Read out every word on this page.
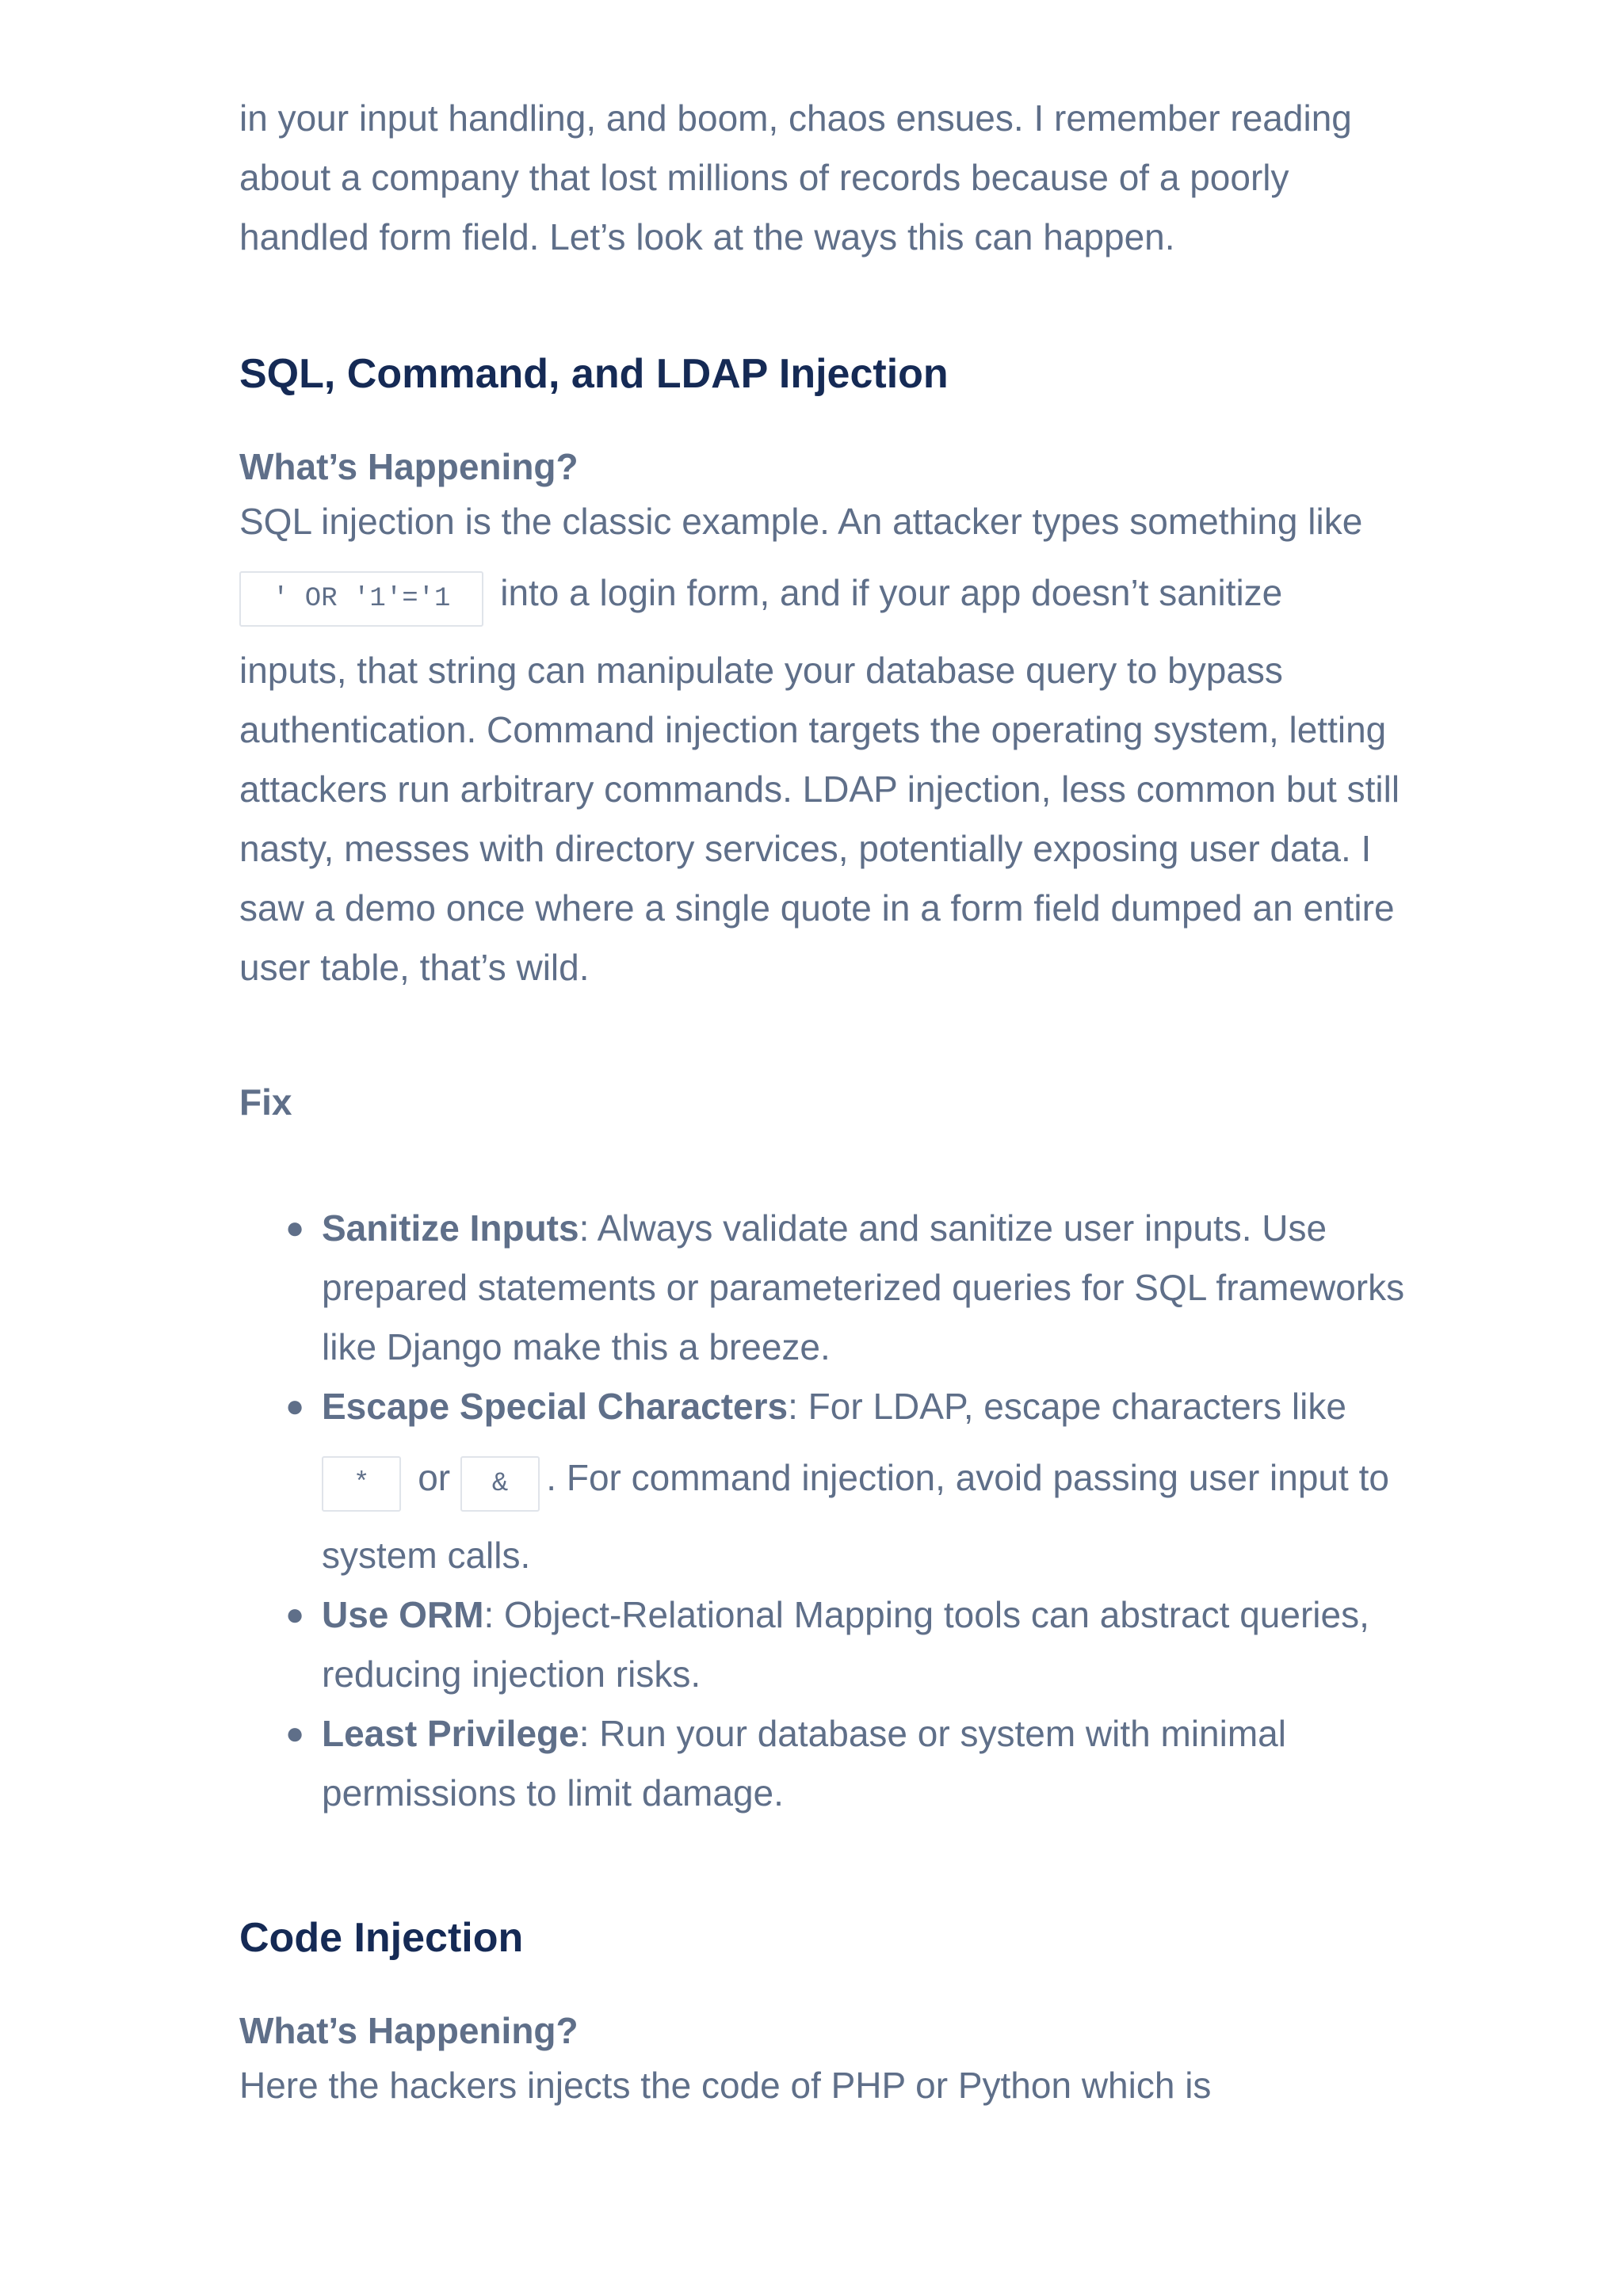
in your input handling, and boom, chaos ensues. I remember reading about a company that lost millions of records because of a poorly handled form field. Let’s look at the ways this can happen.

SQL, Command, and LDAP Injection
What’s Happening?

SQL injection is the classic example. An attacker types something like
' OR '1'='1 into a login form, and if your app doesn’t sanitize
inputs, that string can manipulate your database query to bypass authentication. Command injection targets the operating system, letting attackers run arbitrary commands. LDAP injection, less common but still nasty, messes with directory services, potentially exposing user data. I saw a demo once where a single quote in a form field dumped an entire user table, that’s wild.

Fix
● Sanitize Inputs: Always validate and sanitize user inputs. Use prepared statements or parameterized queries for SQL frameworks like Django make this a breeze.
● Escape Special Characters: For LDAP, escape characters like
* or & . For command injection, avoid passing user input to
system calls.
● Use ORM: Object-Relational Mapping tools can abstract queries, reducing injection risks.
● Least Privilege: Run your database or system with minimal permissions to limit damage.
Code Injection
What’s Happening?

Here the hackers injects the code of PHP or Python which is
